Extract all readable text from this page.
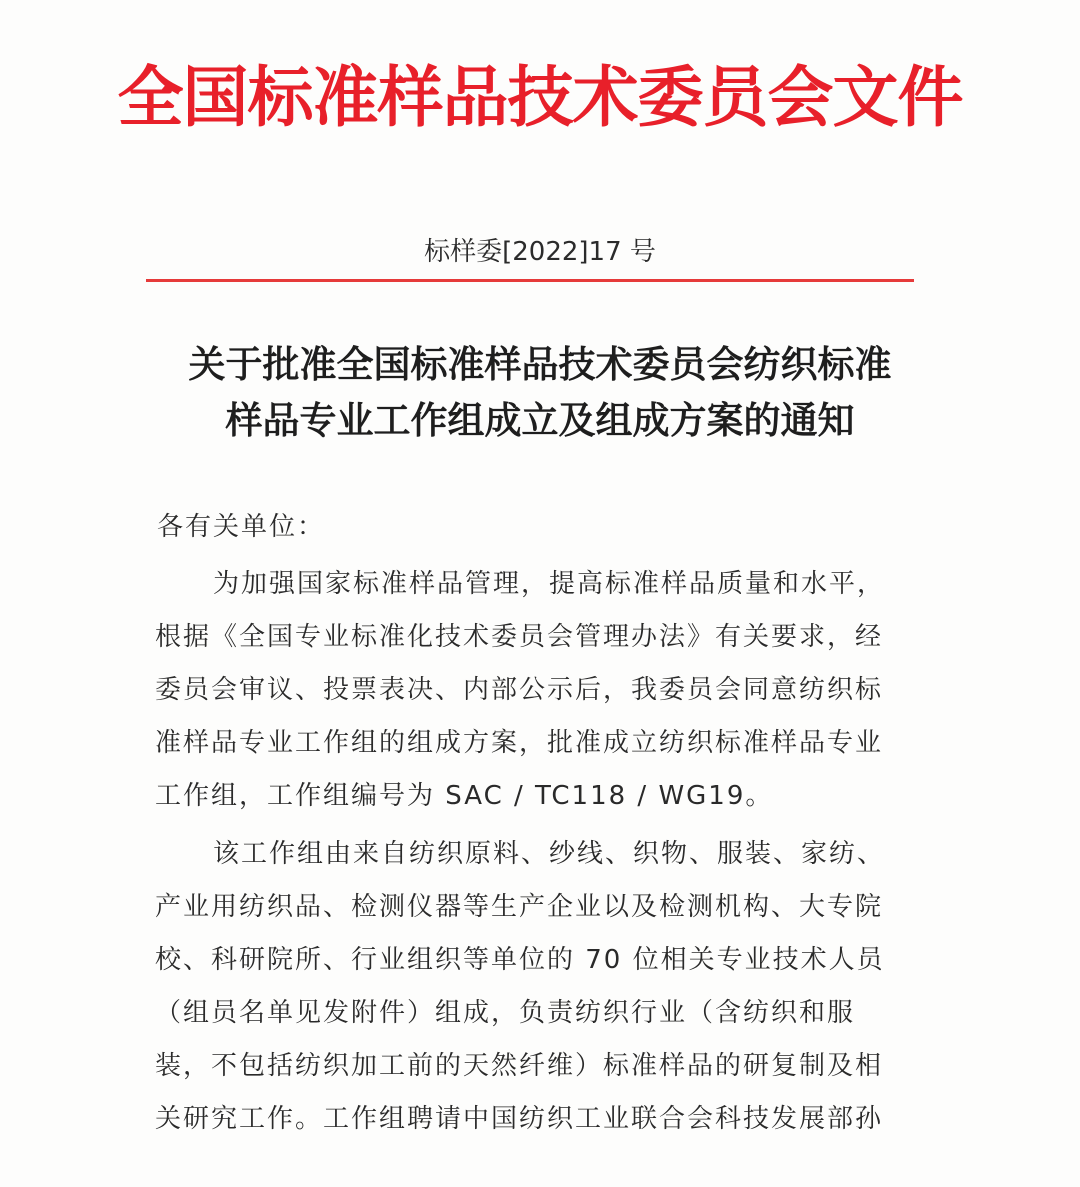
全国标准样品技术委员会文件
标样委[2022]17 号
关于批准全国标准样品技术委员会纺织标准
样品专业工作组成立及组成方案的通知
各有关单位：
为加强国家标准样品管理，提高标准样品质量和水平，
根据《全国专业标准化技术委员会管理办法》有关要求，经
委员会审议、投票表决、内部公示后，我委员会同意纺织标
准样品专业工作组的组成方案，批准成立纺织标准样品专业
工作组，工作组编号为 SAC / TC118 / WG19。
该工作组由来自纺织原料、纱线、织物、服装、家纺、
产业用纺织品、检测仪器等生产企业以及检测机构、大专院
校、科研院所、行业组织等单位的 70 位相关专业技术人员
（组员名单见发附件）组成，负责纺织行业（含纺织和服
装，不包括纺织加工前的天然纤维）标准样品的研复制及相
关研究工作。工作组聘请中国纺织工业联合会科技发展部孙
